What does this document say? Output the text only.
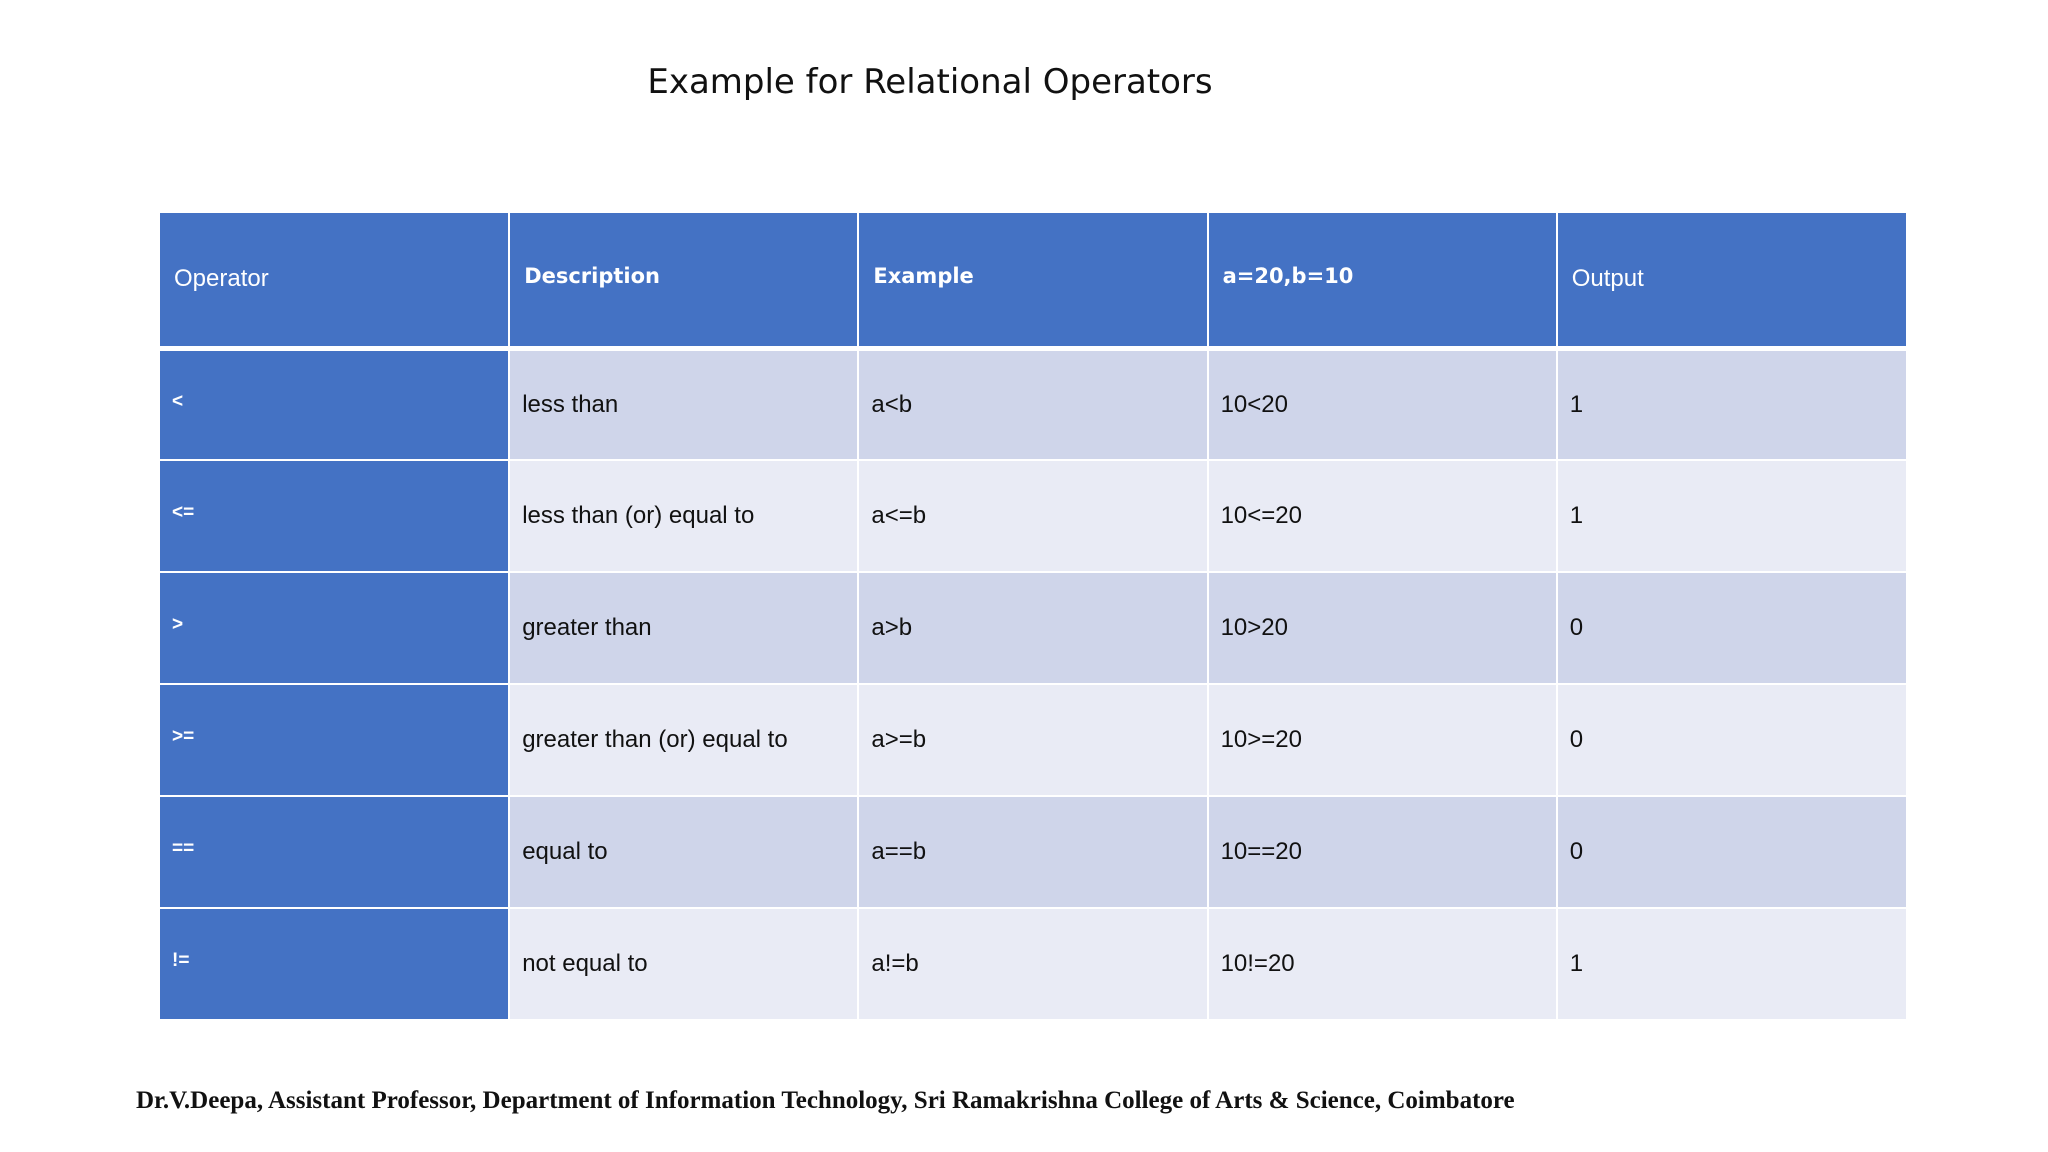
Example for Relational Operators
Operator	Description	Example	a=20,b=10	Output
<	less than	a<b	10<20	1
<=	less than (or) equal to	a<=b	10<=20	1
>	greater than	a>b	10>20	0
>=	greater than (or) equal to	a>=b	10>=20	0
==	equal to	a==b	10==20	0
!=	not equal to	a!=b	10!=20	1
Dr.V.Deepa, Assistant Professor, Department of Information Technology, Sri Ramakrishna College of Arts & Science, Coimbatore
